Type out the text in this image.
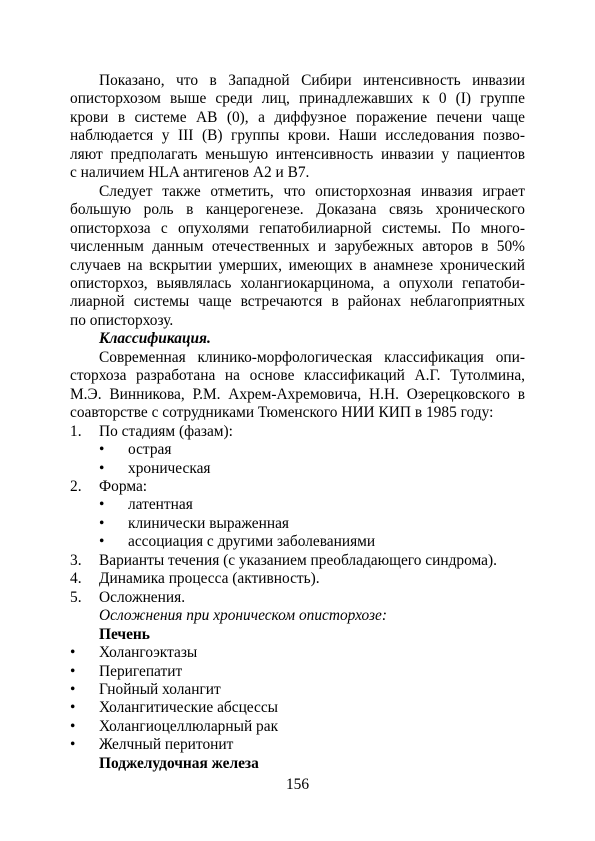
Показано, что в Западной Сибири интенсивность инвазии
описторхозом выше среди лиц, принадлежавших к 0 (I) группе
крови в системе AB (0), а диффузное поражение печени чаще
наблюдается у III (B) группы крови. Наши исследования позво-
ляют предполагать меньшую интенсивность инвазии у пациентов
с наличием HLA антигенов A2 и B7.
Следует также отметить, что описторхозная инвазия играет
большую роль в канцерогенезе. Доказана связь хронического
описторхоза с опухолями гепатобилиарной системы. По много-
численным данным отечественных и зарубежных авторов в 50%
случаев на вскрытии умерших, имеющих в анамнезе хронический
описторхоз, выявлялась холангиокарцинома, а опухоли гепатоби-
лиарной системы чаще встречаются в районах неблагоприятных
по описторхозу.

Классификация.

Современная клинико-морфологическая классификация опи-
сторхоза разработана на основе классификаций А.Г. Тутолмина,
М.Э. Винникова, Р.М. Ахрем-Ахремовича, Н.Н. Озерецковского в
соавторстве с сотрудниками Тюменского НИИ КИП в 1985 году:

1. По стадиям (фазам):

• острая

• хроническая

2. Форма:

• латентная

• клинически выраженная

• ассоциация с другими заболеваниями

3. Варианты течения (с указанием преобладающего синдрома).

4. Динамика процесса (активность).

5. Осложнения.

Осложнения при хроническом описторхозе:

Печень

• Холангоэктазы

• Перигепатит

• Гнойный холангит

• Холангитические абсцессы

• Холангиоцеллюларный рак

• Желчный перитонит

Поджелудочная железа

156
